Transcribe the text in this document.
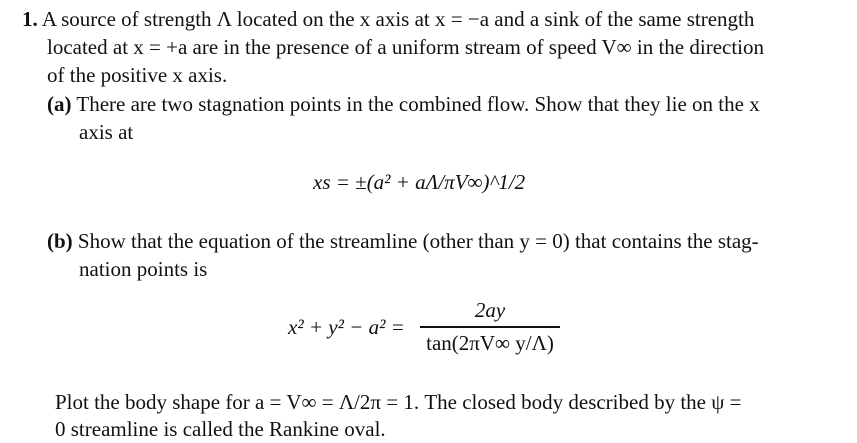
1. A source of strength Λ located on the x axis at x = −a and a sink of the same strength
located at x = +a are in the presence of a uniform stream of speed V∞ in the direction
of the positive x axis.
(a) There are two stagnation points in the combined flow. Show that they lie on the x
axis at
xs = ±(a² + aΛ/πV∞)^1/2
(b) Show that the equation of the streamline (other than y = 0) that contains the stag-
nation points is
x² + y² − a² =
2ay
tan(2πV∞ y/Λ)
Plot the body shape for a = V∞ = Λ/2π = 1. The closed body described by the ψ =
0 streamline is called the Rankine oval.
